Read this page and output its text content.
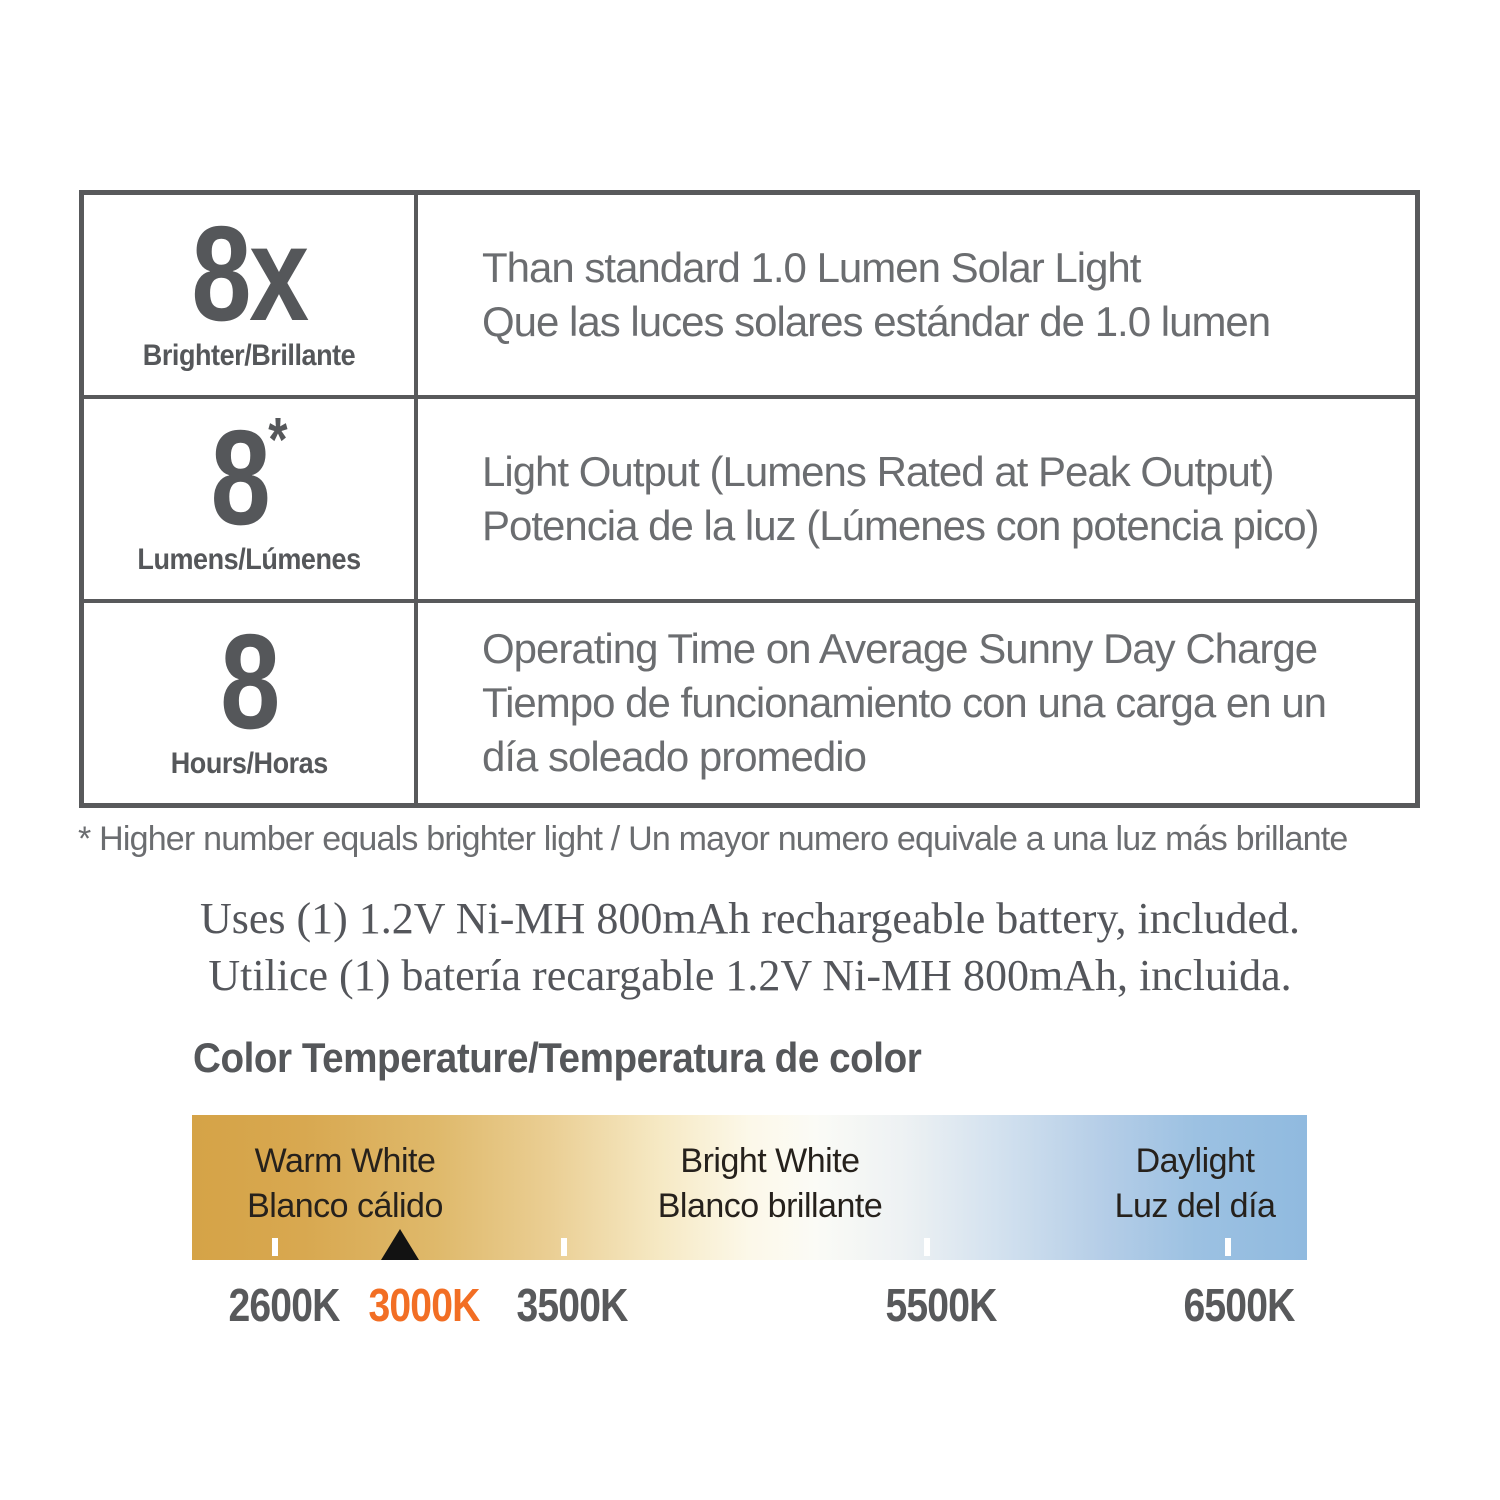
8x
Brighter/Brillante
Than standard 1.0 Lumen Solar Light
Que las luces solares estándar de 1.0 lumen
8*
Lumens/Lúmenes
Light Output (Lumens Rated at Peak Output)
Potencia de la luz (Lúmenes con potencia pico)
8
Hours/Horas
Operating Time on Average Sunny Day Charge
Tiempo de funcionamiento con una carga en un día soleado promedio
* Higher number equals brighter light / Un mayor numero equivale a una luz más brillante
Uses (1) 1.2V Ni-MH 800mAh rechargeable battery, included.
Utilice (1) batería recargable 1.2V Ni-MH 800mAh, incluida.
Color Temperature/Temperatura de color
Warm White
Blanco cálido
Bright White
Blanco brillante
Daylight
Luz del día
2600K 3000K 3500K	5500K	6500K
